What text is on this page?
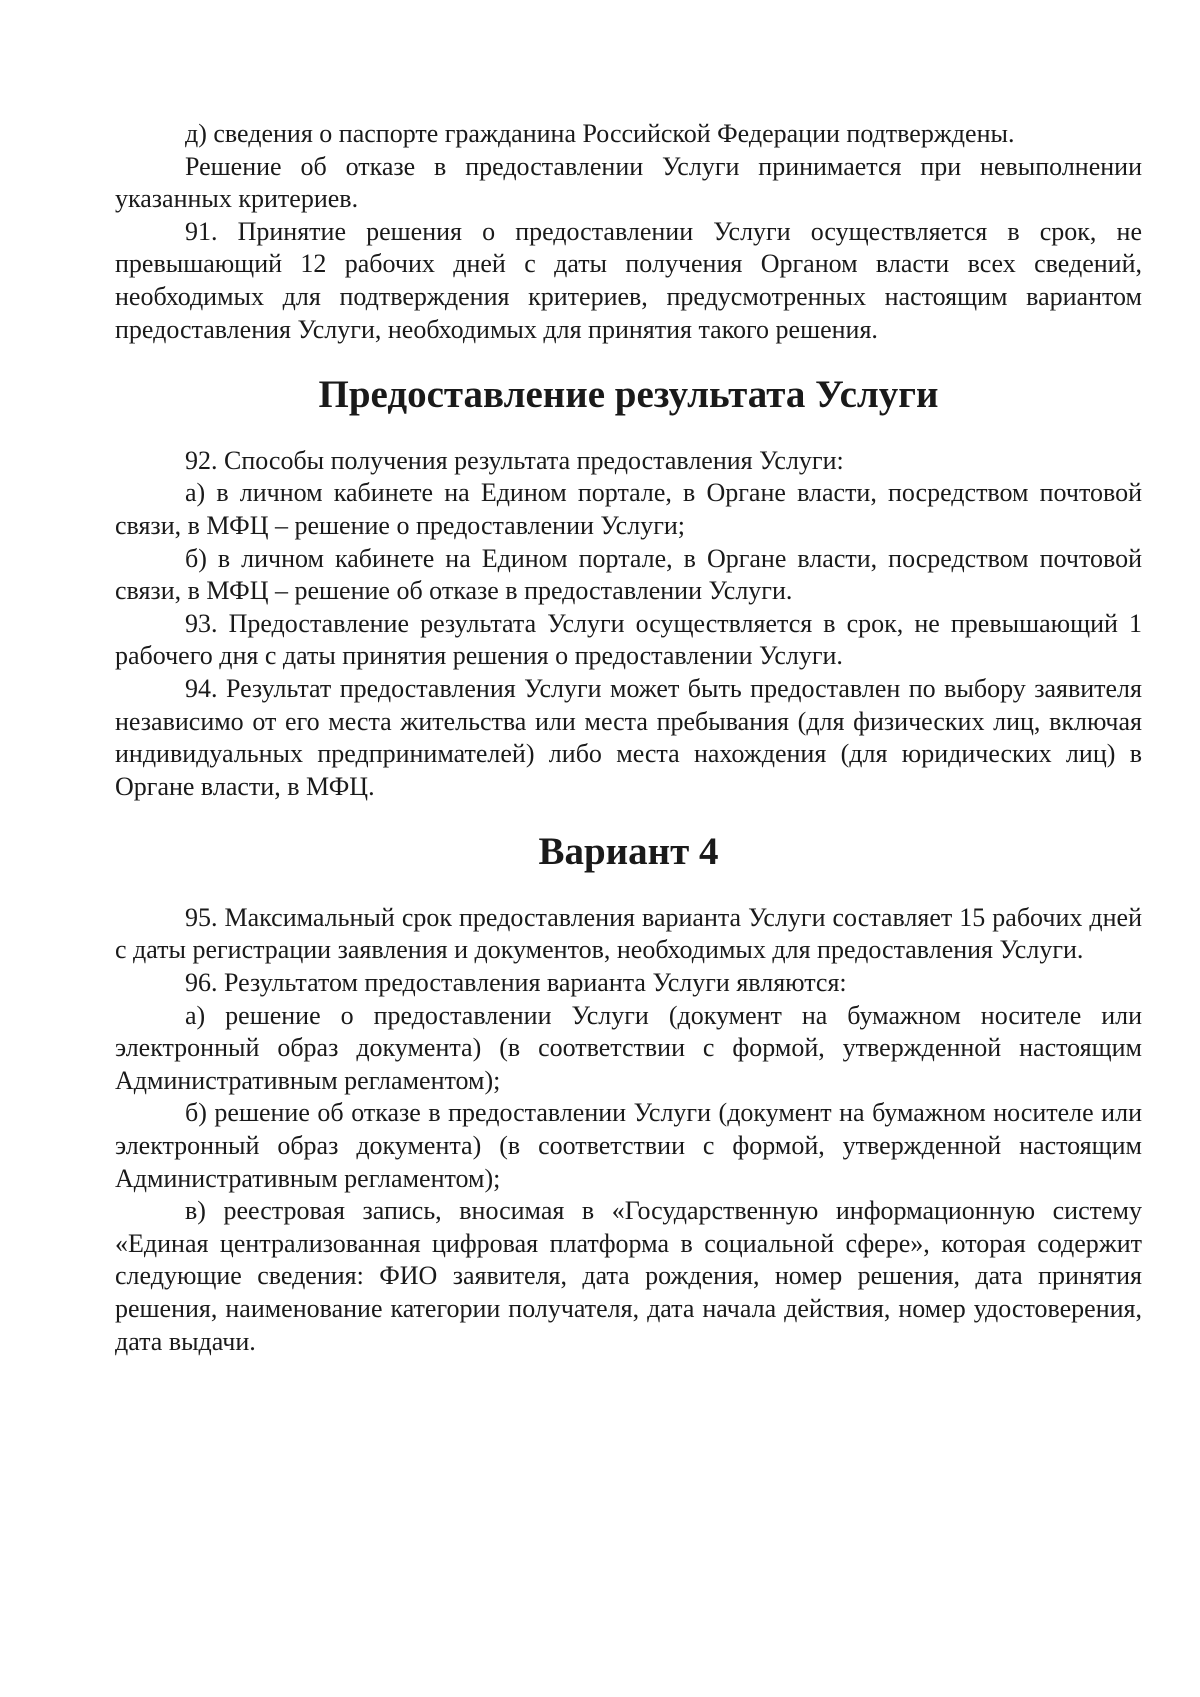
д) сведения о паспорте гражданина Российской Федерации подтверждены.

Решение об отказе в предоставлении Услуги принимается при невыполнении указанных критериев.

91. Принятие решения о предоставлении Услуги осуществляется в срок, не превышающий 12 рабочих дней с даты получения Органом власти всех сведений, необходимых для подтверждения критериев, предусмотренных настоящим вариантом предоставления Услуги, необходимых для принятия такого решения.

Предоставление результата Услуги

92. Способы получения результата предоставления Услуги:

а) в личном кабинете на Едином портале, в Органе власти, посредством почтовой связи, в МФЦ – решение о предоставлении Услуги;

б) в личном кабинете на Едином портале, в Органе власти, посредством почтовой связи, в МФЦ – решение об отказе в предоставлении Услуги.

93. Предоставление результата Услуги осуществляется в срок, не превышающий 1 рабочего дня с даты принятия решения о предоставлении Услуги.

94. Результат предоставления Услуги может быть предоставлен по выбору заявителя независимо от его места жительства или места пребывания (для физических лиц, включая индивидуальных предпринимателей) либо места нахождения (для юридических лиц) в Органе власти, в МФЦ.

Вариант 4

95. Максимальный срок предоставления варианта Услуги составляет 15 рабочих дней с даты регистрации заявления и документов, необходимых для предоставления Услуги.

96. Результатом предоставления варианта Услуги являются:

а) решение о предоставлении Услуги (документ на бумажном носителе или электронный образ документа) (в соответствии с формой, утвержденной настоящим Административным регламентом);

б) решение об отказе в предоставлении Услуги (документ на бумажном носителе или электронный образ документа) (в соответствии с формой, утвержденной настоящим Административным регламентом);

в) реестровая запись, вносимая в «Государственную информационную систему «Единая централизованная цифровая платформа в социальной сфере», которая содержит следующие сведения: ФИО заявителя, дата рождения, номер решения, дата принятия решения, наименование категории получателя, дата начала действия, номер удостоверения, дата выдачи.
